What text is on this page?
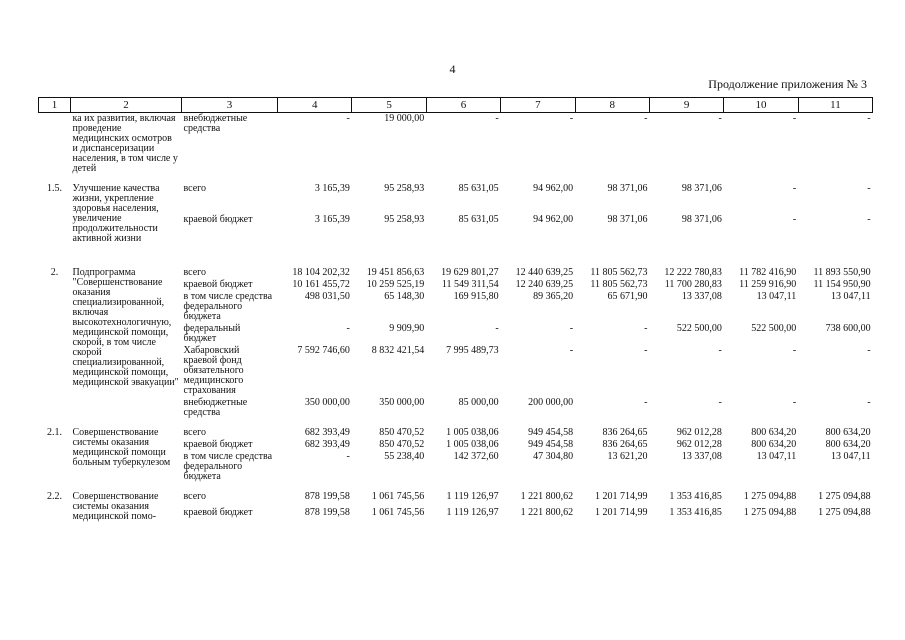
4
Продолжение приложения № 3
1	2	3	4	5	6	7	8	9	10	11
	ка их развития, включая проведение медицинских осмотров и диспансеризации населения, в том числе у детей	внебюджетные средства	-	19 000,00	-	-	-	-	-	-

1.5.	Улучшение качества жизни, укрепление здоровья населения, увеличение продолжительности активной жизни	всего	3 165,39	95 258,93	85 631,05	94 962,00	98 371,06	98 371,06	-	-
		краевой бюджет	3 165,39	95 258,93	85 631,05	94 962,00	98 371,06	98 371,06	-	-

2.	Подпрограмма "Совершенствование оказания специализированной, включая высокотехнологичную, медицинской помощи, скорой, в том числе скорой специализированной, медицинской помощи, медицинской эвакуации"	всего	18 104 202,32	19 451 856,63	19 629 801,27	12 440 639,25	11 805 562,73	12 222 780,83	11 782 416,90	11 893 550,90
		краевой бюджет	10 161 455,72	10 259 525,19	11 549 311,54	12 240 639,25	11 805 562,73	11 700 280,83	11 259 916,90	11 154 950,90
		в том числе средства федерального бюджета	498 031,50	65 148,30	169 915,80	89 365,20	65 671,90	13 337,08	13 047,11	13 047,11
		федеральный бюджет	-	9 909,90	-	-	-	522 500,00	522 500,00	738 600,00
		Хабаровский краевой фонд обязательного медицинского страхования	7 592 746,60	8 832 421,54	7 995 489,73	-	-	-	-	-
		внебюджетные средства	350 000,00	350 000,00	85 000,00	200 000,00	-	-	-	-

2.1.	Совершенствование системы оказания медицинской помощи больным туберкулезом	всего	682 393,49	850 470,52	1 005 038,06	949 454,58	836 264,65	962 012,28	800 634,20	800 634,20
		краевой бюджет	682 393,49	850 470,52	1 005 038,06	949 454,58	836 264,65	962 012,28	800 634,20	800 634,20
		в том числе средства федерального бюджета	-	55 238,40	142 372,60	47 304,80	13 621,20	13 337,08	13 047,11	13 047,11

2.2.	Совершенствование системы оказания медицинской помо-	всего	878 199,58	1 061 745,56	1 119 126,97	1 221 800,62	1 201 714,99	1 353 416,85	1 275 094,88	1 275 094,88
		краевой бюджет	878 199,58	1 061 745,56	1 119 126,97	1 221 800,62	1 201 714,99	1 353 416,85	1 275 094,88	1 275 094,88
